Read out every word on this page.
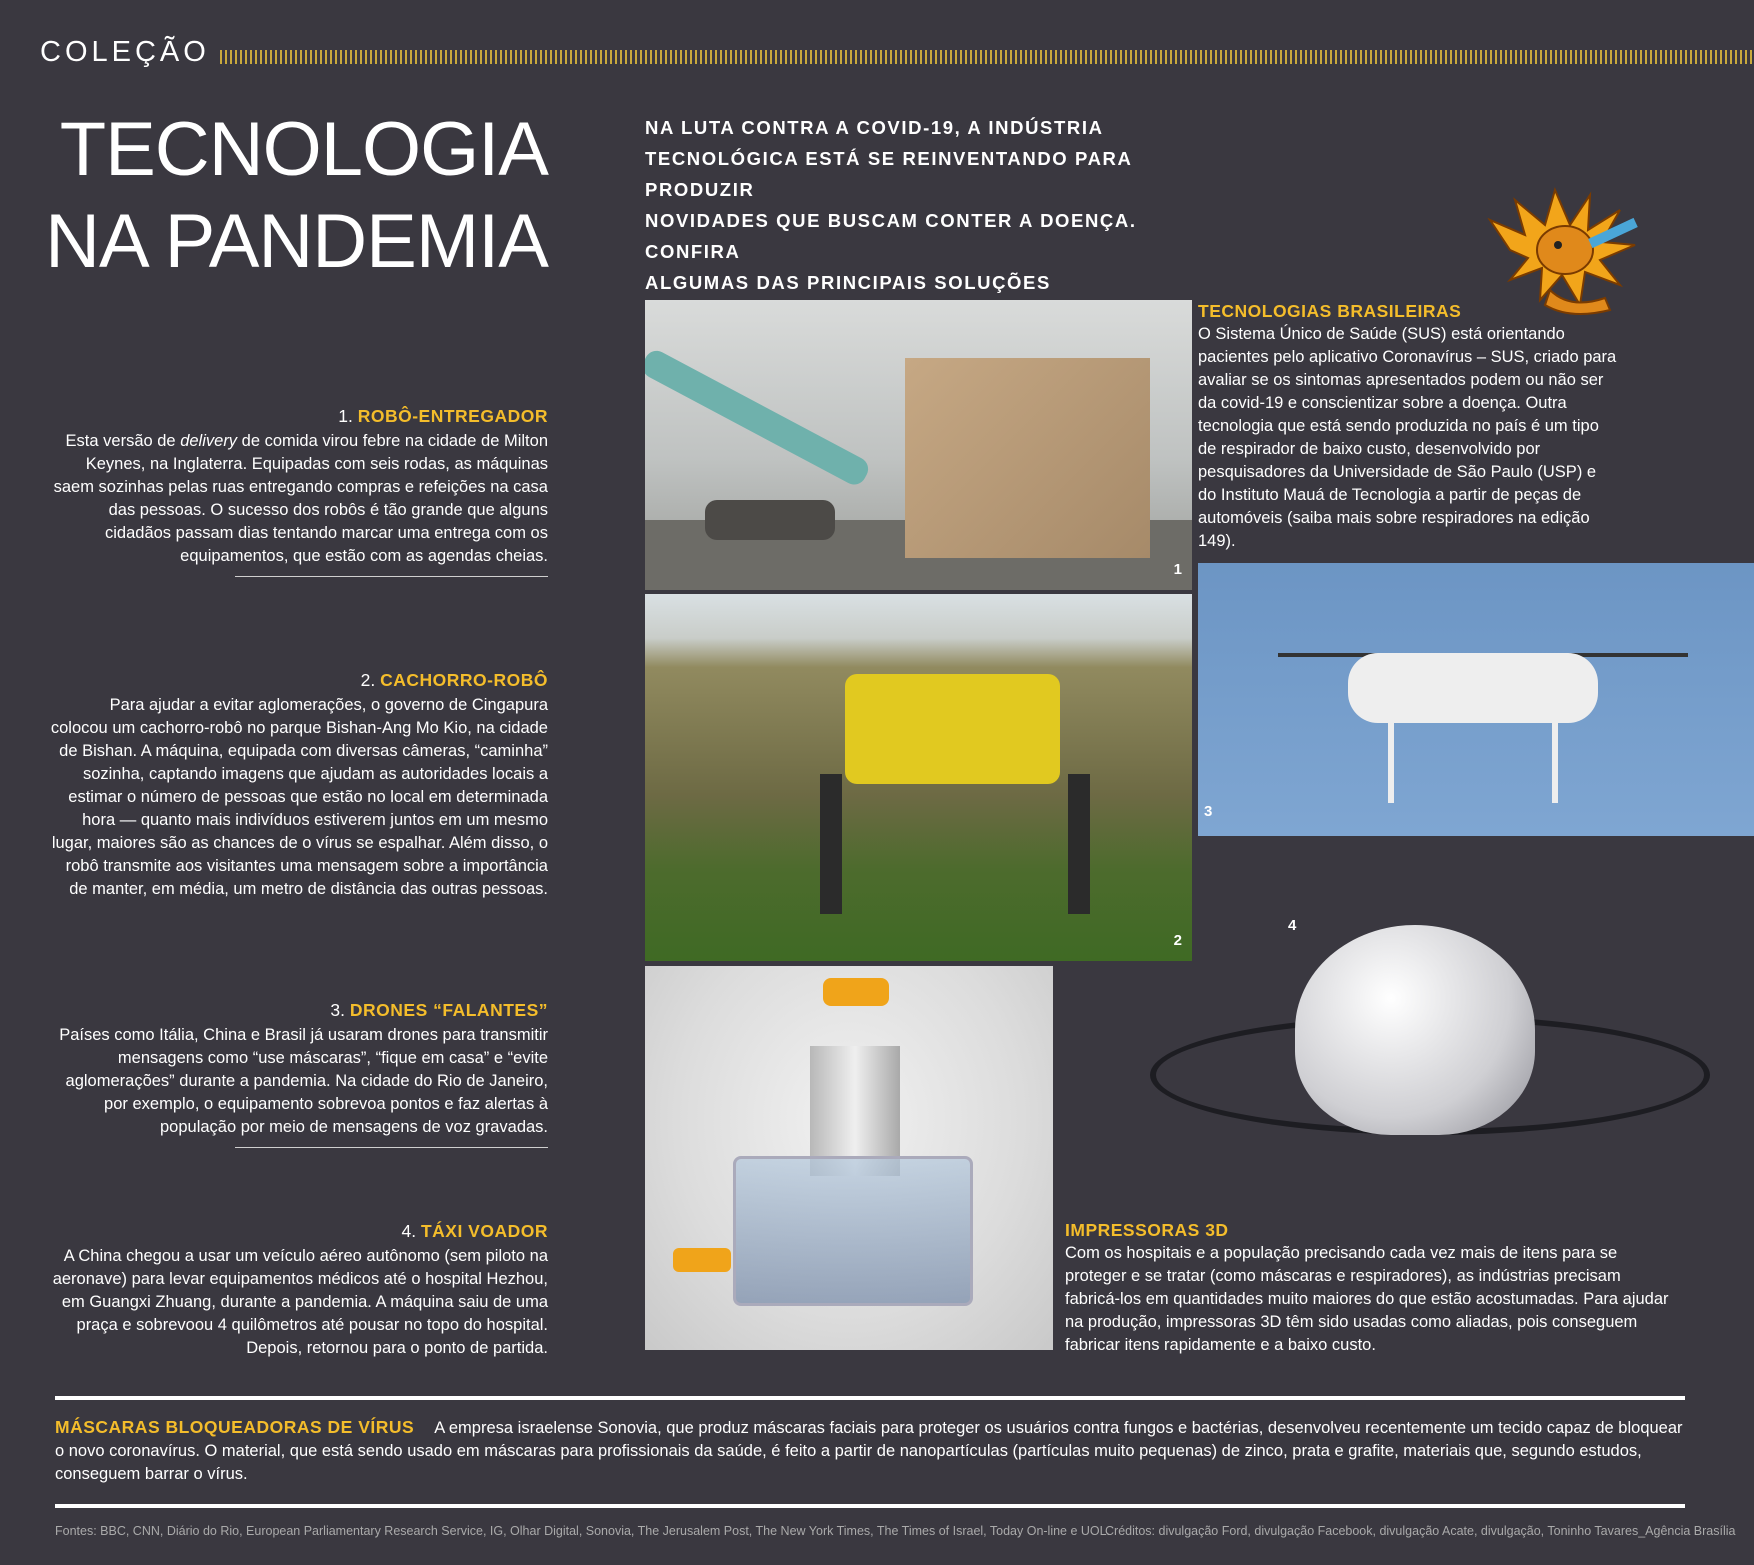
COLEÇÃO
TECNOLOGIA
NA PANDEMIA
NA LUTA CONTRA A COVID-19, A INDÚSTRIA
TECNOLÓGICA ESTÁ SE REINVENTANDO PARA PRODUZIR
NOVIDADES QUE BUSCAM CONTER A DOENÇA. CONFIRA
ALGUMAS DAS PRINCIPAIS SOLUÇÕES
1. ROBÔ-ENTREGADOR
Esta versão de delivery de comida virou febre na cidade de Milton Keynes, na Inglaterra. Equipadas com seis rodas, as máquinas saem sozinhas pelas ruas entregando compras e refeições na casa das pessoas. O sucesso dos robôs é tão grande que alguns cidadãos passam dias tentando marcar uma entrega com os equipamentos, que estão com as agendas cheias.
2. CACHORRO-ROBÔ
Para ajudar a evitar aglomerações, o governo de Cingapura colocou um cachorro-robô no parque Bishan-Ang Mo Kio, na cidade de Bishan. A máquina, equipada com diversas câmeras, “caminha” sozinha, captando imagens que ajudam as autoridades locais a estimar o número de pessoas que estão no local em determinada hora — quanto mais indivíduos estiverem juntos em um mesmo lugar, maiores são as chances de o vírus se espalhar. Além disso, o robô transmite aos visitantes uma mensagem sobre a importância de manter, em média, um metro de distância das outras pessoas.
3. DRONES “FALANTES”
Países como Itália, China e Brasil já usaram drones para transmitir mensagens como “use máscaras”, “fique em casa” e “evite aglomerações” durante a pandemia. Na cidade do Rio de Janeiro, por exemplo, o equipamento sobrevoa pontos e faz alertas à população por meio de mensagens de voz gravadas.
4. TÁXI VOADOR
A China chegou a usar um veículo aéreo autônomo (sem piloto na aeronave) para levar equipamentos médicos até o hospital Hezhou, em Guangxi Zhuang, durante a pandemia. A máquina saiu de uma praça e sobrevoou 4 quilômetros até pousar no topo do hospital. Depois, retornou para o ponto de partida.
1
2
3
4
TECNOLOGIAS BRASILEIRAS
O Sistema Único de Saúde (SUS) está orientando pacientes pelo aplicativo Coronavírus – SUS, criado para avaliar se os sintomas apresentados podem ou não ser da covid-19 e conscientizar sobre a doença. Outra tecnologia que está sendo produzida no país é um tipo de respirador de baixo custo, desenvolvido por pesquisadores da Universidade de São Paulo (USP) e do Instituto Mauá de Tecnologia a partir de peças de automóveis (saiba mais sobre respiradores na edição 149).
IMPRESSORAS 3D
Com os hospitais e a população precisando cada vez mais de itens para se proteger e se tratar (como máscaras e respiradores), as indústrias precisam fabricá-los em quantidades muito maiores do que estão acostumadas. Para ajudar na produção, impressoras 3D têm sido usadas como aliadas, pois conseguem fabricar itens rapidamente e a baixo custo.
MÁSCARAS BLOQUEADORAS DE VÍRUS A empresa israelense Sonovia, que produz máscaras faciais para proteger os usuários contra fungos e bactérias, desenvolveu recentemente um tecido capaz de bloquear o novo coronavírus. O material, que está sendo usado em máscaras para profissionais da saúde, é feito a partir de nanopartículas (partículas muito pequenas) de zinco, prata e grafite, materiais que, segundo estudos, conseguem barrar o vírus.
Fontes: BBC, CNN, Diário do Rio, European Parliamentary Research Service, IG, Olhar Digital, Sonovia, The Jerusalem Post, The New York Times, The Times of Israel, Today On-line e UOL.
Créditos: divulgação Ford, divulgação Facebook, divulgação Acate, divulgação, Toninho Tavares_Agência Brasília
